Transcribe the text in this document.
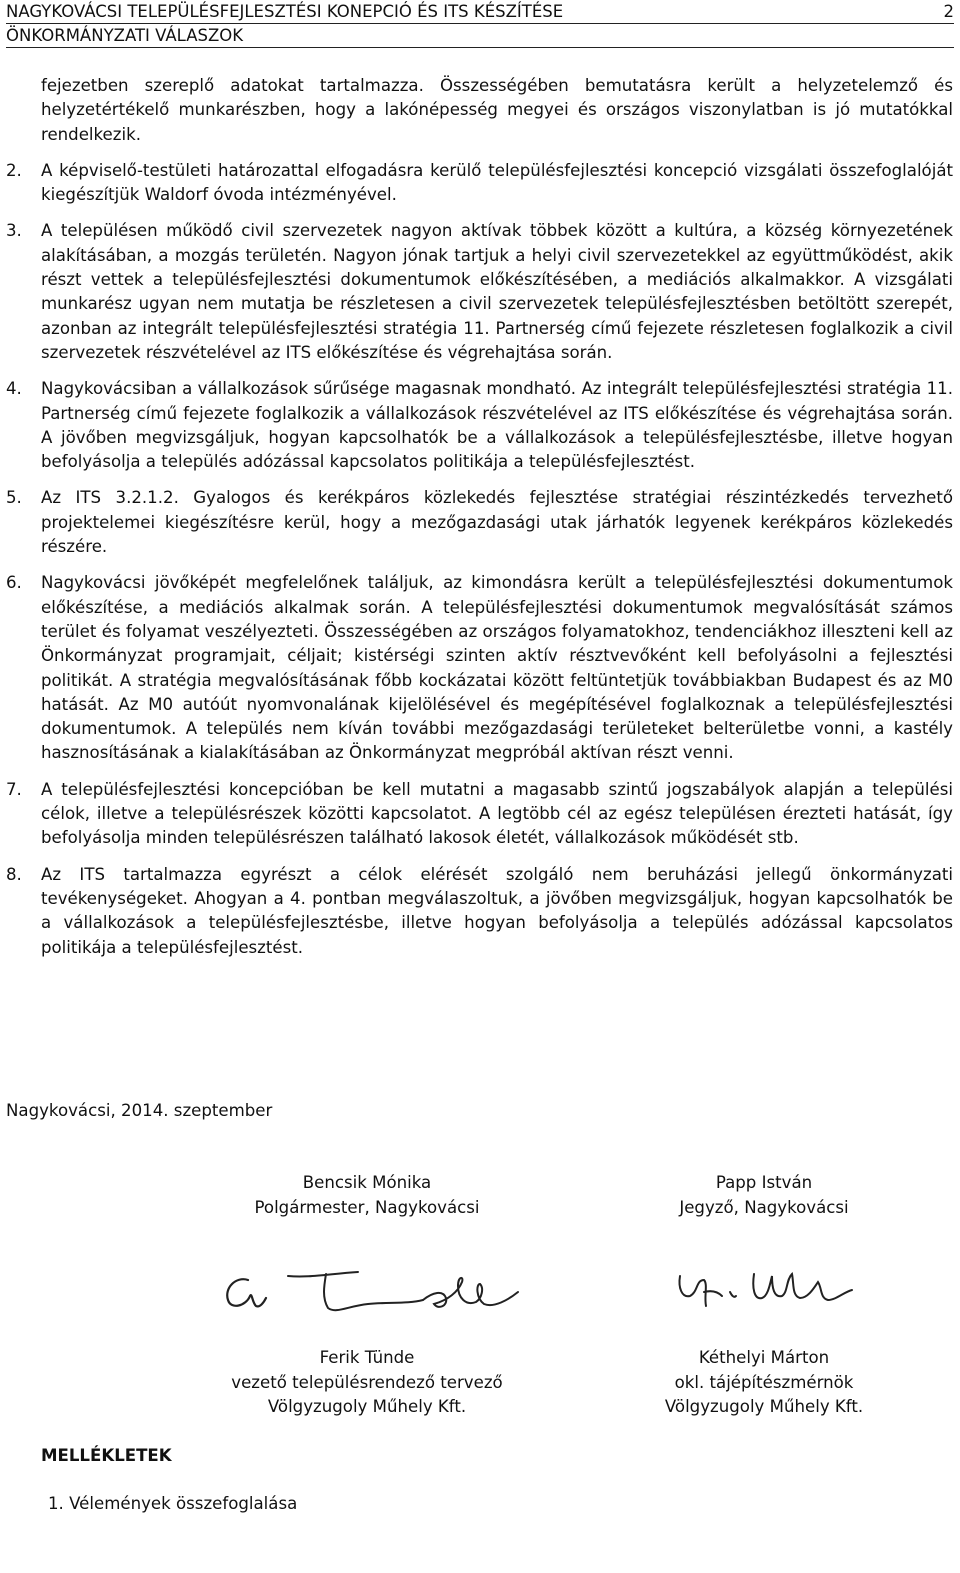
NAGYKOVÁCSI TELEPÜLÉSFEJLESZTÉSI KONEPCIÓ ÉS ITS KÉSZÍTÉSE	2
ÖNKORMÁNYZATI VÁLASZOK

fejezetben szereplő adatokat tartalmazza. Összességében bemutatásra került a helyzetelemző és helyzetértékelő munkarészben, hogy a lakónépesség megyei és országos viszonylatban is jó mutatókkal rendelkezik.

2. A képviselő-testületi határozattal elfogadásra kerülő településfejlesztési koncepció vizsgálati összefoglalóját kiegészítjük Waldorf óvoda intézményével.

3. A településen működő civil szervezetek nagyon aktívak többek között a kultúra, a község környezetének alakításában, a mozgás területén. Nagyon jónak tartjuk a helyi civil szervezetekkel az együttműködést, akik részt vettek a településfejlesztési dokumentumok előkészítésében, a mediációs alkalmakkor. A vizsgálati munkarész ugyan nem mutatja be részletesen a civil szervezetek településfejlesztésben betöltött szerepét, azonban az integrált településfejlesztési stratégia 11. Partnerség című fejezete részletesen foglalkozik a civil szervezetek részvételével az ITS előkészítése és végrehajtása során.

4. Nagykovácsiban a vállalkozások sűrűsége magasnak mondható. Az integrált településfejlesztési stratégia 11. Partnerség című fejezete foglalkozik a vállalkozások részvételével az ITS előkészítése és végrehajtása során. A jövőben megvizsgáljuk, hogyan kapcsolhatók be a vállalkozások a településfejlesztésbe, illetve hogyan befolyásolja a település adózással kapcsolatos politikája a településfejlesztést.

5. Az ITS 3.2.1.2. Gyalogos és kerékpáros közlekedés fejlesztése stratégiai részintézkedés tervezhető projektelemei kiegészítésre kerül, hogy a mezőgazdasági utak járhatók legyenek kerékpáros közlekedés részére.

6. Nagykovácsi jövőképét megfelelőnek találjuk, az kimondásra került a településfejlesztési dokumentumok előkészítése, a mediációs alkalmak során. A településfejlesztési dokumentumok megvalósítását számos terület és folyamat veszélyezteti. Összességében az országos folyamatokhoz, tendenciákhoz illeszteni kell az Önkormányzat programjait, céljait; kistérségi szinten aktív résztvevőként kell befolyásolni a fejlesztési politikát. A stratégia megvalósításának főbb kockázatai között feltüntetjük továbbiakban Budapest és az M0 hatását. Az M0 autóút nyomvonalának kijelölésével és megépítésével foglalkoznak a településfejlesztési dokumentumok. A település nem kíván további mezőgazdasági területeket belterületbe vonni, a kastély hasznosításának a kialakításában az Önkormányzat megpróbál aktívan részt venni.

7. A településfejlesztési koncepcióban be kell mutatni a magasabb szintű jogszabályok alapján a települési célok, illetve a településrészek közötti kapcsolatot. A legtöbb cél az egész településen érezteti hatását, így befolyásolja minden településrészen található lakosok életét, vállalkozások működését stb.

8. Az ITS tartalmazza egyrészt a célok elérését szolgáló nem beruházási jellegű önkormányzati tevékenységeket. Ahogyan a 4. pontban megválaszoltuk, a jövőben megvizsgáljuk, hogyan kapcsolhatók be a vállalkozások a településfejlesztésbe, illetve hogyan befolyásolja a település adózással kapcsolatos politikája a településfejlesztést.

Nagykovácsi, 2014. szeptember
Bencsik Mónika
Polgármester, Nagykovácsi
Papp István
Jegyző, Nagykovácsi
Ferik Tünde
vezető településrendező tervező
Völgyzugoly Műhely Kft.
Kéthelyi Márton
okl. tájépítészmérnök
Völgyzugoly Műhely Kft.
MELLÉKLETEK
1. Vélemények összefoglalása
